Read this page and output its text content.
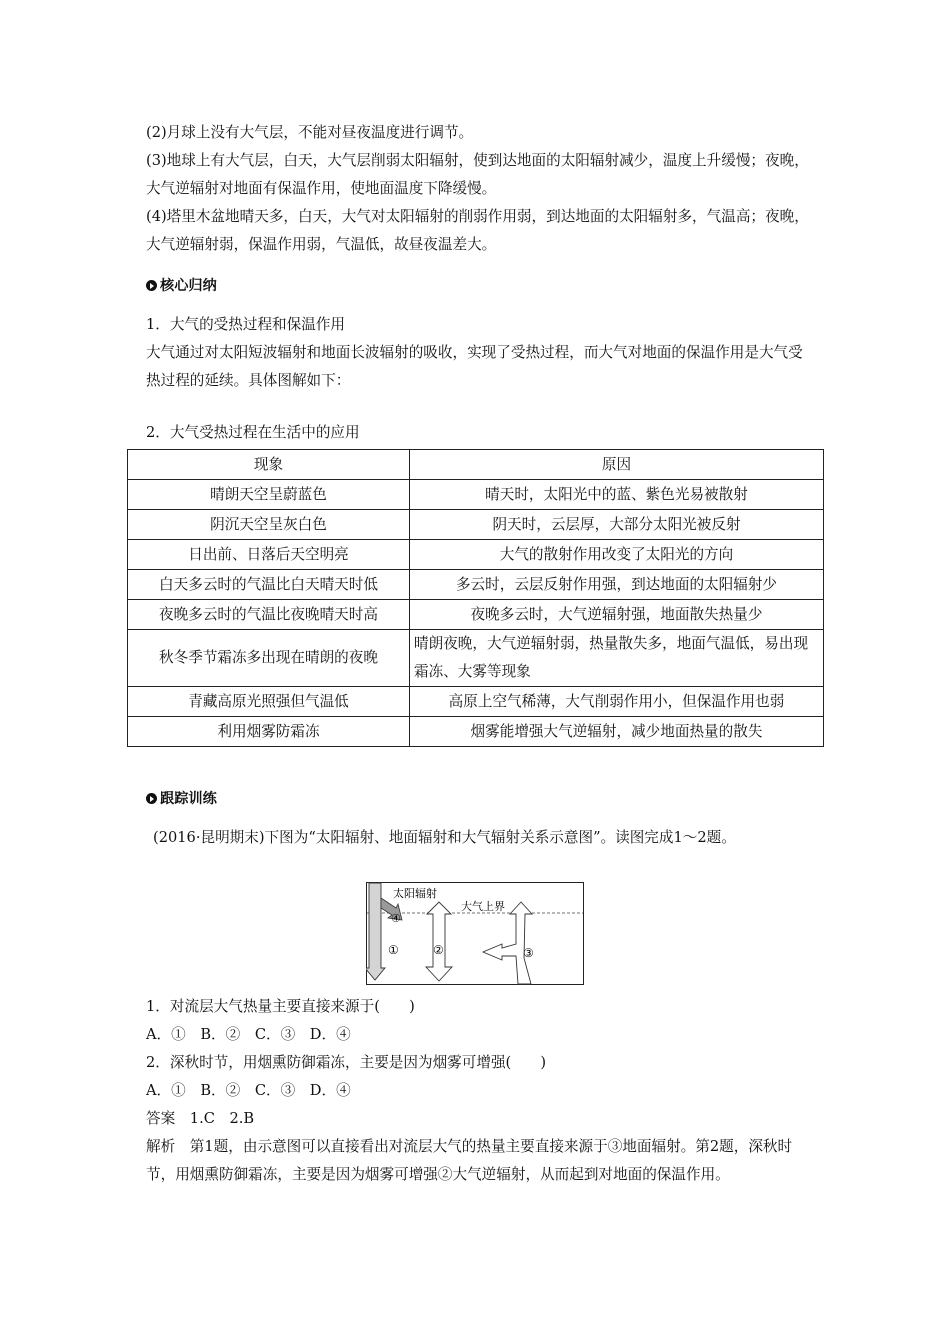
(2)月球上没有大气层，不能对昼夜温度进行调节。
(3)地球上有大气层，白天，大气层削弱太阳辐射，使到达地面的太阳辐射减少，温度上升缓慢；夜晚，大气逆辐射对地面有保温作用，使地面温度下降缓慢。
(4)塔里木盆地晴天多，白天，大气对太阳辐射的削弱作用弱，到达地面的太阳辐射多，气温高；夜晚，大气逆辐射弱，保温作用弱，气温低，故昼夜温差大。
核心归纳
1．大气的受热过程和保温作用
大气通过对太阳短波辐射和地面长波辐射的吸收，实现了受热过程，而大气对地面的保温作用是大气受热过程的延续。具体图解如下：
2．大气受热过程在生活中的应用
现象	原因
晴朗天空呈蔚蓝色	晴天时，太阳光中的蓝、紫色光易被散射
阴沉天空呈灰白色	阴天时，云层厚，大部分太阳光被反射
日出前、日落后天空明亮	大气的散射作用改变了太阳光的方向
白天多云时的气温比白天晴天时低	多云时，云层反射作用强，到达地面的太阳辐射少
夜晚多云时的气温比夜晚晴天时高	夜晚多云时，大气逆辐射强，地面散失热量少
秋冬季节霜冻多出现在晴朗的夜晚	晴朗夜晚，大气逆辐射弱，热量散失多，地面气温低，易出现霜冻、大雾等现象
青藏高原光照强但气温低	高原上空气稀薄，大气削弱作用小，但保温作用也弱
利用烟雾防霜冻	烟雾能增强大气逆辐射，减少地面热量的散失
跟踪训练
(2016·昆明期末)下图为“太阳辐射、地面辐射和大气辐射关系示意图”。读图完成1～2题。
太阳辐射
大气上界
①	②	③
④
1．对流层大气热量主要直接来源于(　　)
A．①　B．②　C．③　D．④
2．深秋时节，用烟熏防御霜冻，主要是因为烟雾可增强(　　)
A．①　B．②　C．③　D．④
答案　1.C　2.B
解析　第1题，由示意图可以直接看出对流层大气的热量主要直接来源于③地面辐射。第2题，深秋时节，用烟熏防御霜冻，主要是因为烟雾可增强②大气逆辐射，从而起到对地面的保温作用。
